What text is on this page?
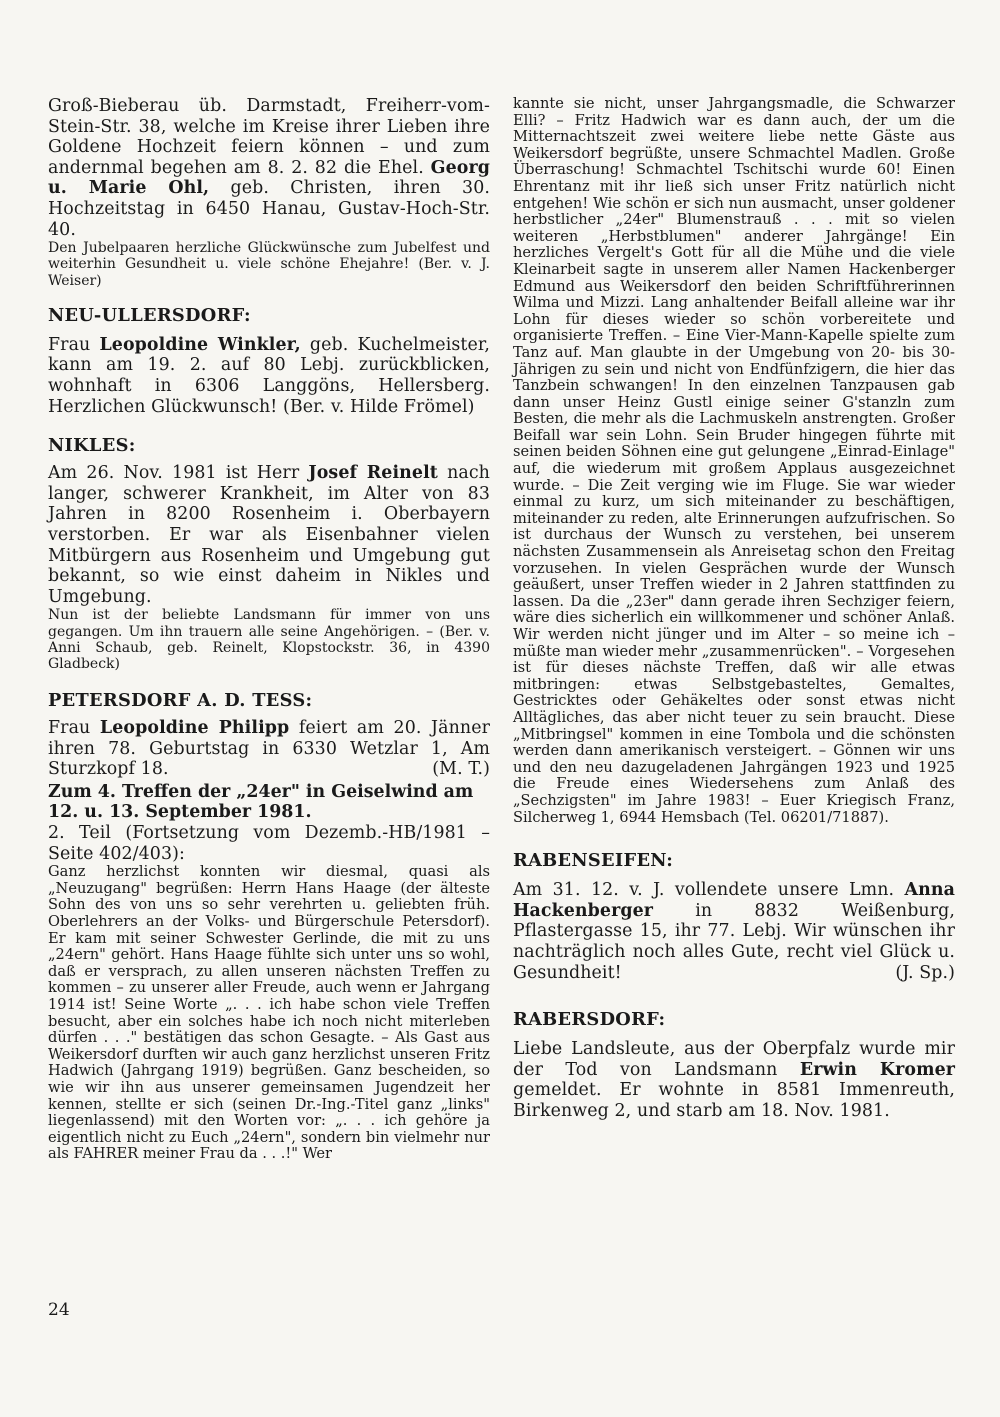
Groß-Bieberau üb. Darmstadt, Freiherr-vom-Stein-Str. 38, welche im Kreise ihrer Lieben ihre Goldene Hochzeit feiern können – und zum andernmal begehen am 8. 2. 82 die Ehel. Georg u. Marie Ohl, geb. Christen, ihren 30. Hochzeitstag in 6450 Hanau, Gustav-Hoch-Str. 40.

Den Jubelpaaren herzliche Glückwünsche zum Jubelfest und weiterhin Gesundheit u. viele schöne Ehejahre! (Ber. v. J. Weiser)

NEU-ULLERSDORF:

Frau Leopoldine Winkler, geb. Kuchelmeister, kann am 19. 2. auf 80 Lebj. zurückblicken, wohnhaft in 6306 Langgöns, Hellersberg. Herzlichen Glückwunsch! (Ber. v. Hilde Frömel)

NIKLES:

Am 26. Nov. 1981 ist Herr Josef Reinelt nach langer, schwerer Krankheit, im Alter von 83 Jahren in 8200 Rosenheim i. Oberbayern verstorben. Er war als Eisenbahner vielen Mitbürgern aus Rosenheim und Umgebung gut bekannt, so wie einst daheim in Nikles und Umgebung.

Nun ist der beliebte Landsmann für immer von uns gegangen. Um ihn trauern alle seine Angehörigen. – (Ber. v. Anni Schaub, geb. Reinelt, Klopstockstr. 36, in 4390 Gladbeck)

PETERSDORF A. D. TESS:

Frau Leopoldine Philipp feiert am 20. Jänner ihren 78. Geburtstag in 6330 Wetzlar 1, Am Sturzkopf 18.	(M. T.)

Zum 4. Treffen der „24er" in Geiselwind am 12. u. 13. September 1981.

2. Teil (Fortsetzung vom Dezemb.-HB/1981 – Seite 402/403):

Ganz herzlichst konnten wir diesmal, quasi als „Neuzugang" begrüßen: Herrn Hans Haage (der älteste Sohn des von uns so sehr verehrten u. geliebten früh. Oberlehrers an der Volks- und Bürgerschule Petersdorf). Er kam mit seiner Schwester Gerlinde, die mit zu uns „24ern" gehört. Hans Haage fühlte sich unter uns so wohl, daß er versprach, zu allen unseren nächsten Treffen zu kommen – zu unserer aller Freude, auch wenn er Jahrgang 1914 ist! Seine Worte „. . . ich habe schon viele Treffen besucht, aber ein solches habe ich noch nicht miterleben dürfen . . ." bestätigen das schon Gesagte. – Als Gast aus Weikersdorf durften wir auch ganz herzlichst unseren Fritz Hadwich (Jahrgang 1919) begrüßen. Ganz bescheiden, so wie wir ihn aus unserer gemeinsamen Jugendzeit her kennen, stellte er sich (seinen Dr.-Ing.-Titel ganz „links" liegenlassend) mit den Worten vor: „. . . ich gehöre ja eigentlich nicht zu Euch „24ern", sondern bin vielmehr nur als FAHRER meiner Frau da . . .!" Wer

kannte sie nicht, unser Jahrgangsmadle, die Schwarzer Elli? – Fritz Hadwich war es dann auch, der um die Mitternachtszeit zwei weitere liebe nette Gäste aus Weikersdorf begrüßte, unsere Schmachtel Madlen. Große Überraschung! Schmachtel Tschitschi wurde 60! Einen Ehrentanz mit ihr ließ sich unser Fritz natürlich nicht entgehen! Wie schön er sich nun ausmacht, unser goldener herbstlicher „24er" Blumenstrauß . . . mit so vielen weiteren „Herbstblumen" anderer Jahrgänge! Ein herzliches Vergelt's Gott für all die Mühe und die viele Kleinarbeit sagte in unserem aller Namen Hackenberger Edmund aus Weikersdorf den beiden Schriftführerinnen Wilma und Mizzi. Lang anhaltender Beifall alleine war ihr Lohn für dieses wieder so schön vorbereitete und organisierte Treffen. – Eine Vier-Mann-Kapelle spielte zum Tanz auf. Man glaubte in der Umgebung von 20- bis 30-Jährigen zu sein und nicht von Endfünfzigern, die hier das Tanzbein schwangen! In den einzelnen Tanzpausen gab dann unser Heinz Gustl einige seiner G'stanzln zum Besten, die mehr als die Lachmuskeln anstrengten. Großer Beifall war sein Lohn. Sein Bruder hingegen führte mit seinen beiden Söhnen eine gut gelungene „Einrad-Einlage" auf, die wiederum mit großem Applaus ausgezeichnet wurde. – Die Zeit verging wie im Fluge. Sie war wieder einmal zu kurz, um sich miteinander zu beschäftigen, miteinander zu reden, alte Erinnerungen aufzufrischen. So ist durchaus der Wunsch zu verstehen, bei unserem nächsten Zusammensein als Anreisetag schon den Freitag vorzusehen. In vielen Gesprächen wurde der Wunsch geäußert, unser Treffen wieder in 2 Jahren stattfinden zu lassen. Da die „23er" dann gerade ihren Sechziger feiern, wäre dies sicherlich ein willkommener und schöner Anlaß. Wir werden nicht jünger und im Alter – so meine ich – müßte man wieder mehr „zusammenrücken". – Vorgesehen ist für dieses nächste Treffen, daß wir alle etwas mitbringen: etwas Selbstgebasteltes, Gemaltes, Gestricktes oder Gehäkeltes oder sonst etwas nicht Alltägliches, das aber nicht teuer zu sein braucht. Diese „Mitbringsel" kommen in eine Tombola und die schönsten werden dann amerikanisch versteigert. – Gönnen wir uns und den neu dazugeladenen Jahrgängen 1923 und 1925 die Freude eines Wiedersehens zum Anlaß des „Sechzigsten" im Jahre 1983! – Euer Kriegisch Franz, Silcherweg 1, 6944 Hemsbach (Tel. 06201/71887).

RABENSEIFEN:

Am 31. 12. v. J. vollendete unsere Lmn. Anna Hackenberger in 8832 Weißenburg, Pflastergasse 15, ihr 77. Lebj. Wir wünschen ihr nachträglich noch alles Gute, recht viel Glück u. Gesundheit!	(J. Sp.)

RABERSDORF:

Liebe Landsleute, aus der Oberpfalz wurde mir der Tod von Landsmann Erwin Kromer gemeldet. Er wohnte in 8581 Immenreuth, Birkenweg 2, und starb am 18. Nov. 1981.

24
